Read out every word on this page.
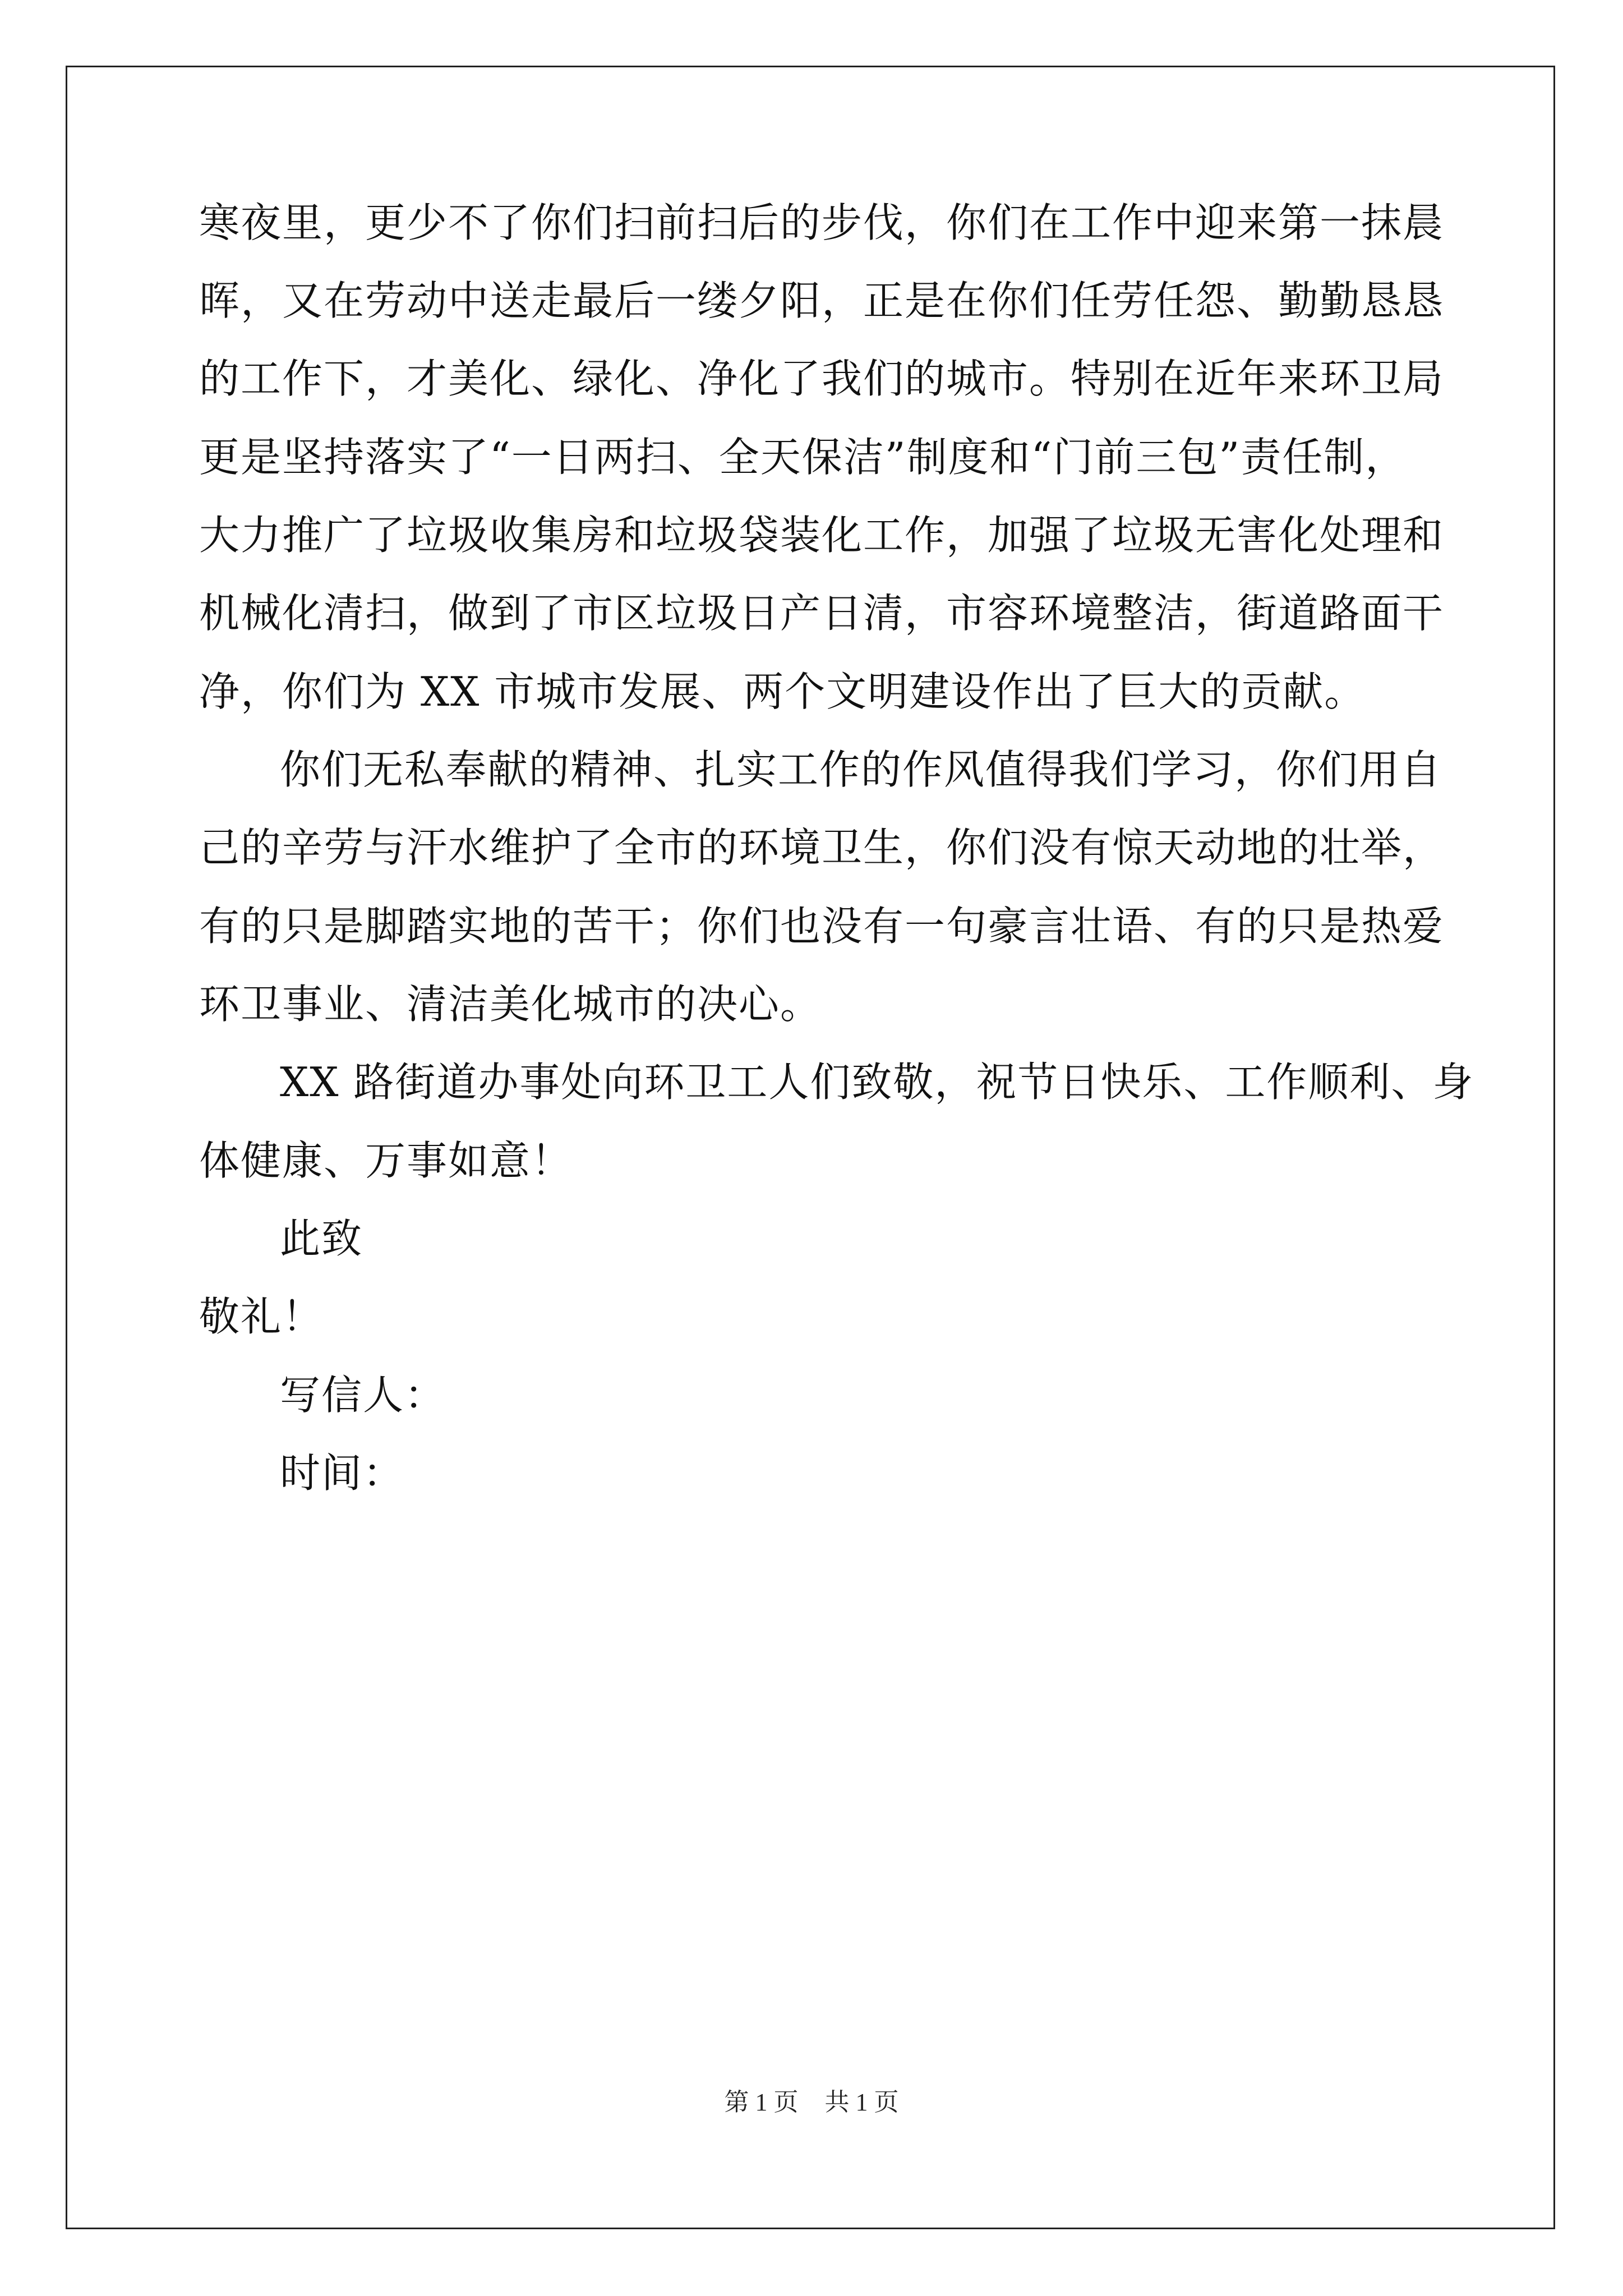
寒夜里，更少不了你们扫前扫后的步伐，你们在工作中迎来第一抹晨
晖，又在劳动中送走最后一缕夕阳，正是在你们任劳任怨、勤勤恳恳
的工作下，才美化、绿化、净化了我们的城市。特别在近年来环卫局
更是坚持落实了“一日两扫、全天保洁”制度和“门前三包”责任制，
大力推广了垃圾收集房和垃圾袋装化工作，加强了垃圾无害化处理和
机械化清扫，做到了市区垃圾日产日清，市容环境整洁，街道路面干
净，你们为 XX 市城市发展、两个文明建设作出了巨大的贡献。
你们无私奉献的精神、扎实工作的作风值得我们学习，你们用自
己的辛劳与汗水维护了全市的环境卫生，你们没有惊天动地的壮举，
有的只是脚踏实地的苦干；你们也没有一句豪言壮语、有的只是热爱
环卫事业、清洁美化城市的决心。
XX 路街道办事处向环卫工人们致敬，祝节日快乐、工作顺利、身
体健康、万事如意！
此致
敬礼！
写信人：
时间：
第 1 页 共 1 页
